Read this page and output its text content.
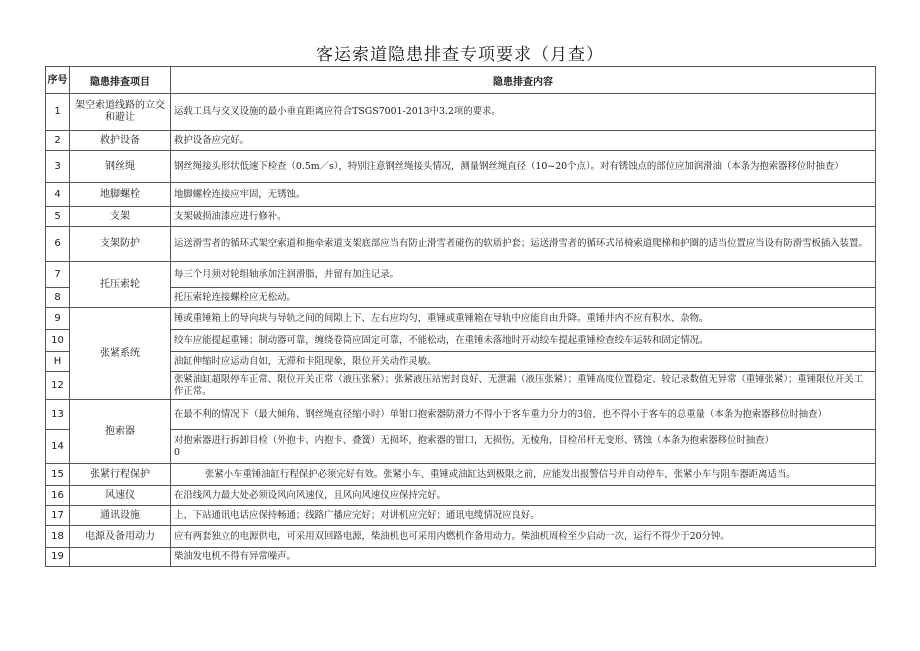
客运索道隐患排查专项要求（月查）
序号	隐患排查项目	隐患排查内容
1	架空索道线路的立交和避让	运载工具与交叉设施的最小垂直距离应符合TSGS7001-2013中3.2项的要求。
2	救护设备	救护设备应完好。
3	钢丝绳	钢丝绳接头形状低速下检查（0.5m／s），特别注意钢丝绳接头情况，测量钢丝绳直径（10~20个点）。对有锈蚀点的部位应加润滑油（本条为抱索器移位时抽查）
4	地脚螺栓	地脚螺栓连接应牢固，无锈蚀。
5	支架	支架破损油漆应进行修补。
6	支架防护	运送滑雪者的循环式架空索道和拖牵索道支架底部应当有防止滑雪者碰伤的软质护套；运送滑雪者的循环式吊椅索道爬梯和护圈的适当位置应当设有防滑雪板插入装置。
7	托压索轮	每三个月须对轮组轴承加注润滑脂，并留有加注记录。
8		托压索轮连接螺栓应无松动。
9	张紧系统	锤或重锤箱上的导向块与导轨之间的间隙上下、左右应均匀，重锤或重锤箱在导轨中应能自由升降。重锤井内不应有积水、杂物。
10		绞车应能提起重锤；制动器可靠，缠绕卷筒应固定可靠，不能松动，在重锤未落地时开动绞车提起重锤检查绞车运转和固定情况。
H		油缸伸缩时应运动自如，无滞和卡阻现象，限位开关动作灵敏。
12		张紧油缸超限停车正常、限位开关正常（液压张紧）；张紧液压站密封良好、无泄漏（液压张紧）；重锤高度位置稳定、较记录数值无异常（重锤张紧）；重锤限位开关工作正常。
13	抱索器	在最不利的情况下（最大倾角、钢丝绳直径缩小时）单钳口抱索器防滑力不得小于客车重力分力的3倍，也不得小于客车的总重量（本条为抱索器移位时抽查）
14		对抱索器进行拆卸目检（外抱卡、内抱卡、叠簧）无损坏，抱索器的钳口，无损伤，无棱角，目检吊杆无变形、锈蚀（本条为抱索器移位时抽查）
0
15	张紧行程保护	张紧小车重锤油缸行程保护必须完好有效。张紧小车、重锤或油缸达到极限之前，应能发出报警信号并自动停车，张紧小车与阻车器距离适当。
16	风速仪	在沿线风力最大处必须设风向风速仪，且风向风速仪应保持完好。
17	通讯设施	上、下站通讯电话应保持畅通；线路广播应完好；对讲机应完好；通讯电缆情况应良好。
18	电源及备用动力	应有两套独立的电源供电，可采用双回路电源，柴油机也可采用内燃机作备用动力。柴油机周检至少启动一次，运行不得少于20分钟。
19		柴油发电机不得有异常噪声。
